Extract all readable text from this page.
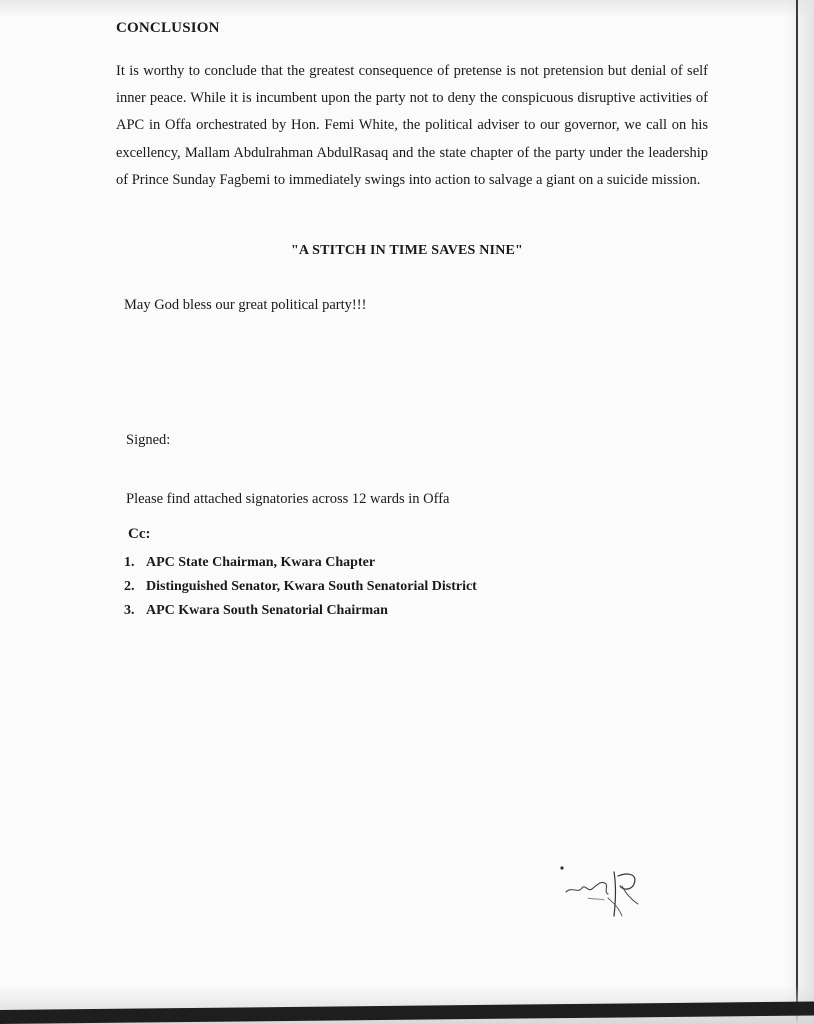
CONCLUSION

It is worthy to conclude that the greatest consequence of pretense is not pretension but denial of self inner peace. While it is incumbent upon the party not to deny the conspicuous disruptive activities of APC in Offa orchestrated by Hon. Femi White, the political adviser to our governor, we call on his excellency, Mallam Abdulrahman AbdulRasaq and the state chapter of the party under the leadership of Prince Sunday Fagbemi to immediately swings into action to salvage a giant on a suicide mission.

"A STITCH IN TIME SAVES NINE"
May God bless our great political party!!!
Signed:
Please find attached signatories across 12 wards in Offa
Cc:
1. APC State Chairman, Kwara Chapter
2. Distinguished Senator, Kwara South Senatorial District
3. APC Kwara South Senatorial Chairman
